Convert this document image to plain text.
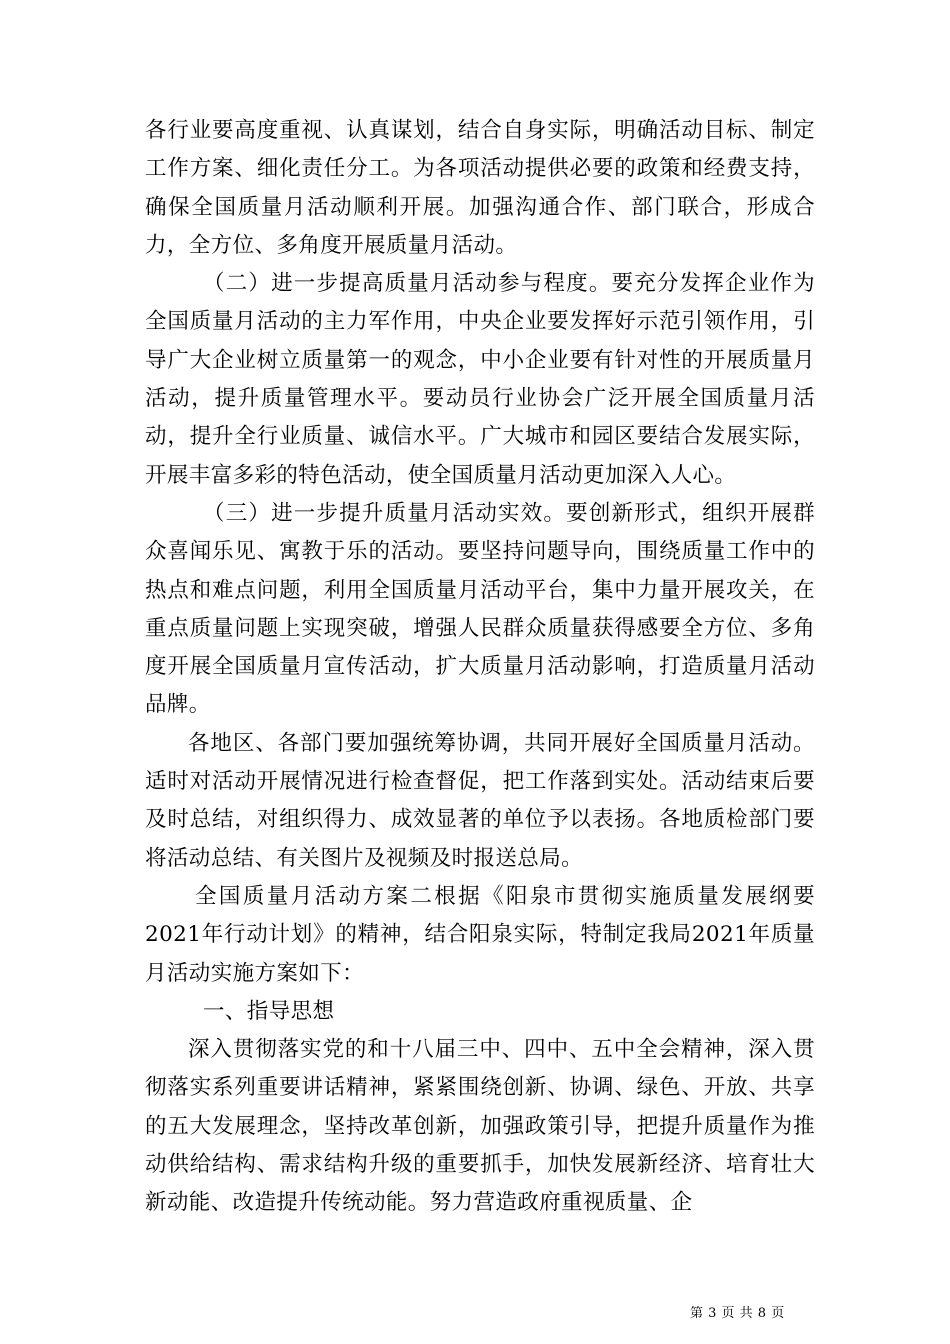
各行业要高度重视、认真谋划，结合自身实际，明确活动目标、制定工作方案、细化责任分工。为各项活动提供必要的政策和经费支持，确保全国质量月活动顺利开展。加强沟通合作、部门联合，形成合力，全方位、多角度开展质量月活动。

（二）进一步提高质量月活动参与程度。要充分发挥企业作为全国质量月活动的主力军作用，中央企业要发挥好示范引领作用，引导广大企业树立质量第一的观念，中小企业要有针对性的开展质量月活动，提升质量管理水平。要动员行业协会广泛开展全国质量月活动，提升全行业质量、诚信水平。广大城市和园区要结合发展实际，开展丰富多彩的特色活动，使全国质量月活动更加深入人心。

（三）进一步提升质量月活动实效。要创新形式，组织开展群众喜闻乐见、寓教于乐的活动。要坚持问题导向，围绕质量工作中的热点和难点问题，利用全国质量月活动平台，集中力量开展攻关，在重点质量问题上实现突破，增强人民群众质量获得感要全方位、多角度开展全国质量月宣传活动，扩大质量月活动影响，打造质量月活动品牌。

各地区、各部门要加强统筹协调，共同开展好全国质量月活动。适时对活动开展情况进行检查督促，把工作落到实处。活动结束后要及时总结，对组织得力、成效显著的单位予以表扬。各地质检部门要将活动总结、有关图片及视频及时报送总局。

全国质量月活动方案二根据《阳泉市贯彻实施质量发展纲要2021年行动计划》的精神，结合阳泉实际，特制定我局2021年质量月活动实施方案如下：

一、指导思想

深入贯彻落实党的和十八届三中、四中、五中全会精神，深入贯彻落实系列重要讲话精神，紧紧围绕创新、协调、绿色、开放、共享的五大发展理念，坚持改革创新，加强政策引导，把提升质量作为推动供给结构、需求结构升级的重要抓手，加快发展新经济、培育壮大新动能、改造提升传统动能。努力营造政府重视质量、企

第 3 页 共 8 页
